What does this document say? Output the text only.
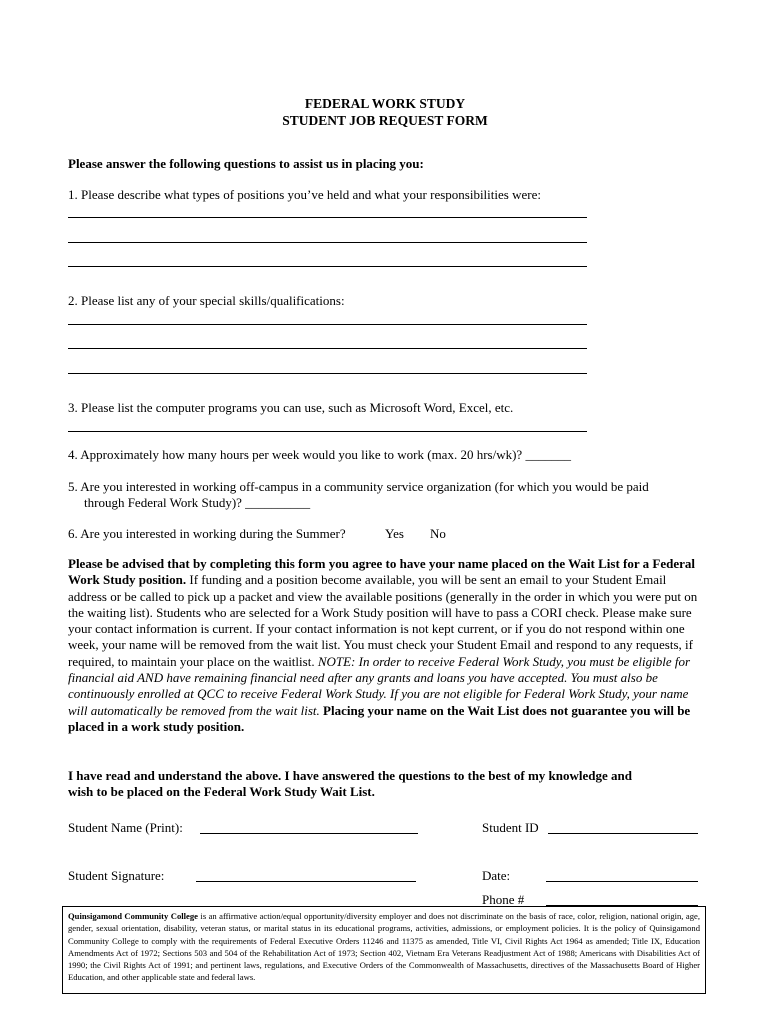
FEDERAL WORK STUDY
STUDENT JOB REQUEST FORM
Please answer the following questions to assist us in placing you:
1. Please describe what types of positions you’ve held and what your responsibilities were:
2. Please list any of your special skills/qualifications:
3. Please list the computer programs you can use, such as Microsoft Word, Excel, etc.
4. Approximately how many hours per week would you like to work (max. 20 hrs/wk)? _______
5. Are you interested in working off-campus in a community service organization (for which you would be paid
through Federal Work Study)? __________
6. Are you interested in working during the Summer?	Yes No
Please be advised that by completing this form you agree to have your name placed on the Wait List for a Federal Work Study position. If funding and a position become available, you will be sent an email to your Student Email address or be called to pick up a packet and view the available positions (generally in the order in which you were put on the waiting list). Students who are selected for a Work Study position will have to pass a CORI check. Please make sure your contact information is current. If your contact information is not kept current, or if you do not respond within one week, your name will be removed from the wait list. You must check your Student Email and respond to any requests, if required, to maintain your place on the waitlist. NOTE: In order to receive Federal Work Study, you must be eligible for financial aid AND have remaining financial need after any grants and loans you have accepted. You must also be continuously enrolled at QCC to receive Federal Work Study. If you are not eligible for Federal Work Study, your name will automatically be removed from the wait list. Placing your name on the Wait List does not guarantee you will be placed in a work study position.
I have read and understand the above. I have answered the questions to the best of my knowledge and
wish to be placed on the Federal Work Study Wait List.
Student Name (Print):	Student ID
Student Signature:	Date:
Phone #
Quinsigamond Community College is an affirmative action/equal opportunity/diversity employer and does not discriminate on the basis of race, color, religion, national origin, age, gender, sexual orientation, disability, veteran status, or marital status in its educational programs, activities, admissions, or employment policies. It is the policy of Quinsigamond Community College to comply with the requirements of Federal Executive Orders 11246 and 11375 as amended, Title VI, Civil Rights Act 1964 as amended; Title IX, Education Amendments Act of 1972; Sections 503 and 504 of the Rehabilitation Act of 1973; Section 402, Vietnam Era Veterans Readjustment Act of 1988; Americans with Disabilities Act of 1990; the Civil Rights Act of 1991; and pertinent laws, regulations, and Executive Orders of the Commonwealth of Massachusetts, directives of the Massachusetts Board of Higher Education, and other applicable state and federal laws.
